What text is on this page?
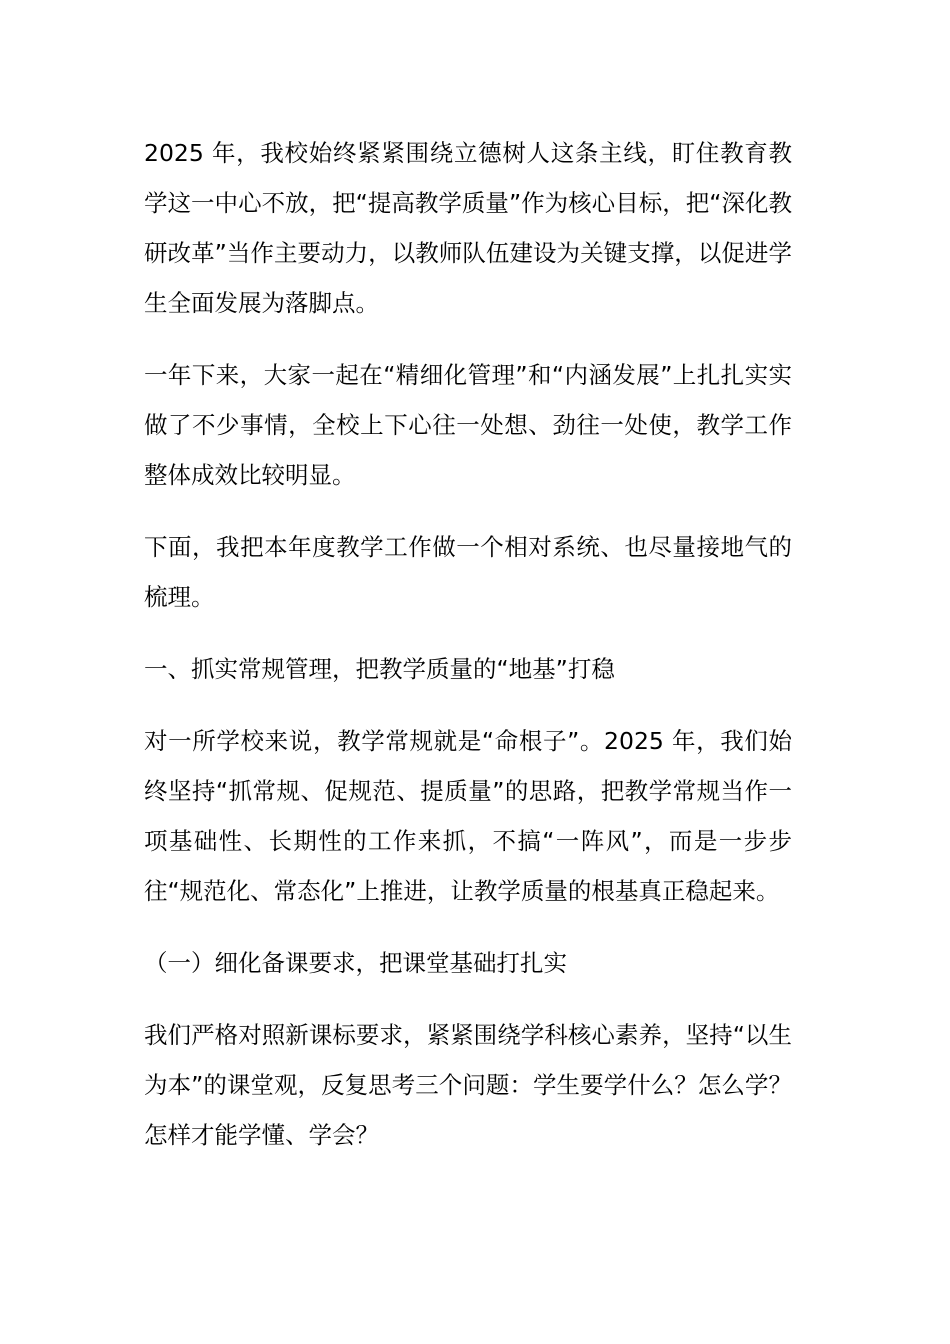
2025 年，我校始终紧紧围绕立德树人这条主线，盯住教育教学这一中心不放，把“提高教学质量”作为核心目标，把“深化教研改革”当作主要动力，以教师队伍建设为关键支撑，以促进学生全面发展为落脚点。

一年下来，大家一起在“精细化管理”和“内涵发展”上扎扎实实做了不少事情，全校上下心往一处想、劲往一处使，教学工作整体成效比较明显。

下面，我把本年度教学工作做一个相对系统、也尽量接地气的梳理。

一、抓实常规管理，把教学质量的“地基”打稳

对一所学校来说，教学常规就是“命根子”。2025 年，我们始终坚持“抓常规、促规范、提质量”的思路，把教学常规当作一项基础性、长期性的工作来抓，不搞“一阵风”，而是一步步往“规范化、常态化”上推进，让教学质量的根基真正稳起来。

（一）细化备课要求，把课堂基础打扎实

我们严格对照新课标要求，紧紧围绕学科核心素养，坚持“以生为本”的课堂观，反复思考三个问题：学生要学什么？怎么学？怎样才能学懂、学会？
